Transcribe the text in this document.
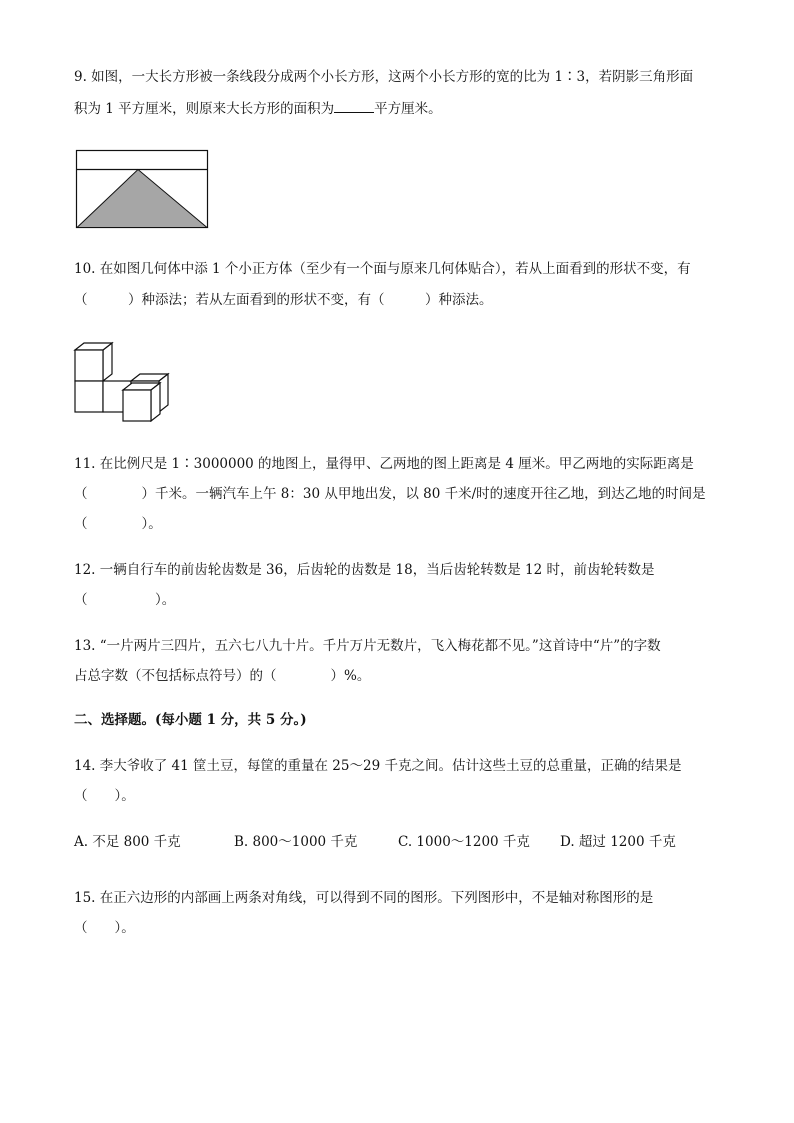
9. 如图，一大长方形被一条线段分成两个小长方形，这两个小长方形的宽的比为 1∶3，若阴影三角形面
积为 1 平方厘米，则原来大长方形的面积为	平方厘米。
10. 在如图几何体中添 1 个小正方体（至少有一个面与原来几何体贴合），若从上面看到的形状不变，有
（　　　）种添法；若从左面看到的形状不变，有（　　　）种添法。
11. 在比例尺是 1∶3000000 的地图上，量得甲、乙两地的图上距离是 4 厘米。甲乙两地的实际距离是
（　　　　）千米。一辆汽车上午 8：30 从甲地出发，以 80 千米/时的速度开往乙地，到达乙地的时间是
（　　　　）。
12. 一辆自行车的前齿轮齿数是 36，后齿轮的齿数是 18，当后齿轮转数是 12 时，前齿轮转数是
（　　　　　）。
13. “一片两片三四片，五六七八九十片。千片万片无数片，飞入梅花都不见。”这首诗中“片”的字数
占总字数（不包括标点符号）的（　　　　）%。
二、选择题。(每小题 1 分，共 5 分。)
14. 李大爷收了 41 筐土豆，每筐的重量在 25～29 千克之间。估计这些土豆的总重量，正确的结果是
（　　）。
A. 不足 800 千克	B. 800～1000 千克	C. 1000～1200 千克 D. 超过 1200 千克
15. 在正六边形的内部画上两条对角线，可以得到不同的图形。下列图形中，不是轴对称图形的是
（　　）。
